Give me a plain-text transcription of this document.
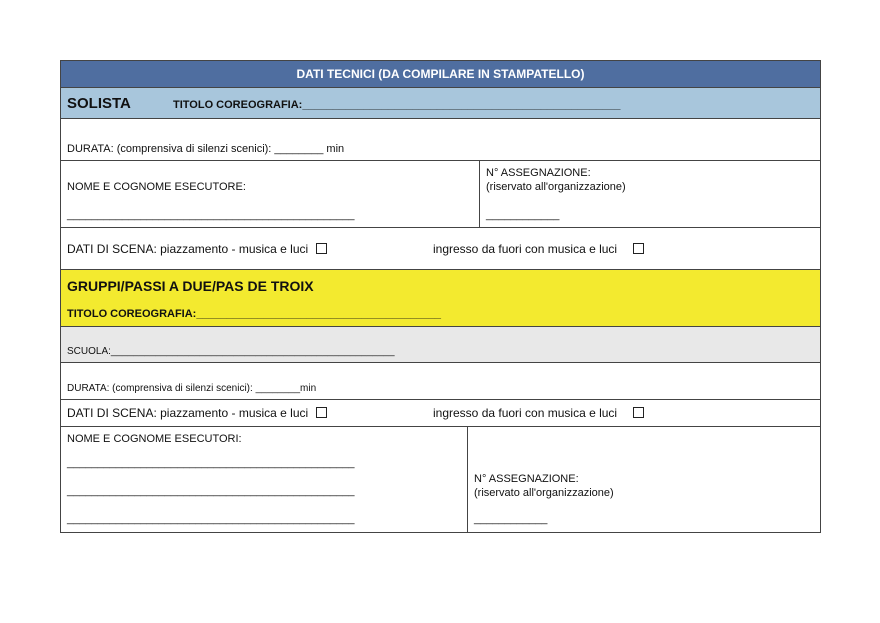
DATI TECNICI (DA COMPILARE IN STAMPATELLO)
SOLISTA	TITOLO COREOGRAFIA:____________________________________________________
DURATA: (comprensiva di silenzi scenici): ________ min
NOME E COGNOME ESECUTORE:
_______________________________________________
N° ASSEGNAZIONE:
(riservato all'organizzazione)
____________
DATI DI SCENA: piazzamento - musica e luci	ingresso da fuori con musica e luci
GRUPPI/PASSI A DUE/PAS DE TROIX
TITOLO COREOGRAFIA:________________________________________
SCUOLA:___________________________________________________
DURATA: (comprensiva di silenzi scenici): ________min
DATI DI SCENA: piazzamento - musica e luci	ingresso da fuori con musica e luci
NOME E COGNOME ESECUTORI:
_______________________________________________
_______________________________________________
_______________________________________________
N° ASSEGNAZIONE:
(riservato all'organizzazione)
____________
